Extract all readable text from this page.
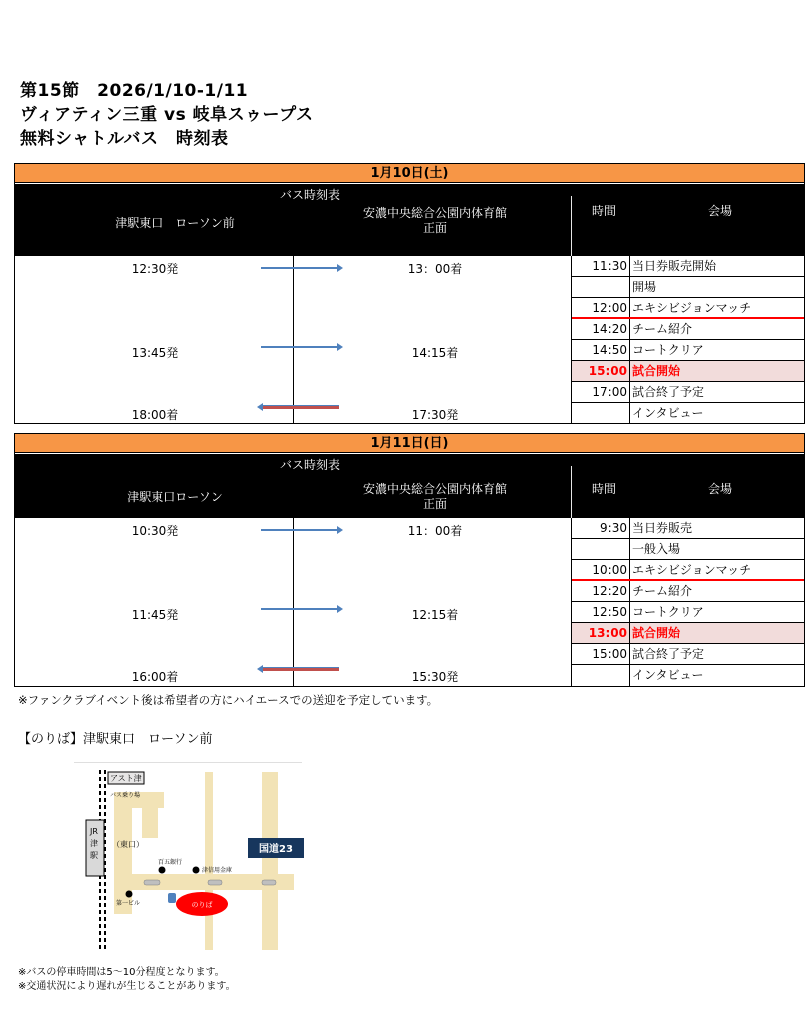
第15節　2026/1/10-1/11
ヴィアティン三重 vs 岐阜スゥープス
無料シャトルバス　時刻表
1月10日(土)
バス時刻表
津駅東口　ローソン前
安濃中央総合公園内体育館
正面
時間	会場
12:30発	13：00着
13:45発	14:15着
18:00着	17:30発
11:30 当日券販売開始
開場
12:00 エキシビジョンマッチ
14:20 チーム紹介
14:50 コートクリア
15:00 試合開始
17:00 試合終了予定
インタビュー
1月11日(日)
バス時刻表
津駅東口ローソン
安濃中央総合公園内体育館
正面
時間	会場
10:30発	11：00着
11:45発	12:15着
16:00着	15:30発
9:30 当日券販売
一般入場
10:00 エキシビジョンマッチ
12:20 チーム紹介
12:50 コートクリア
13:00 試合開始
15:00 試合終了予定
インタビュー
※ファンクラブイベント後は希望者の方にハイエースでの送迎を予定しています。
【のりば】津駅東口　ローソン前
アスト津
バス乗り場
JR 津駅
（東口）
百五銀行
津信用金庫
第一ビル
国道23
のりば
※バスの停車時間は5～10分程度となります。
※交通状況により遅れが生じることがあります。
